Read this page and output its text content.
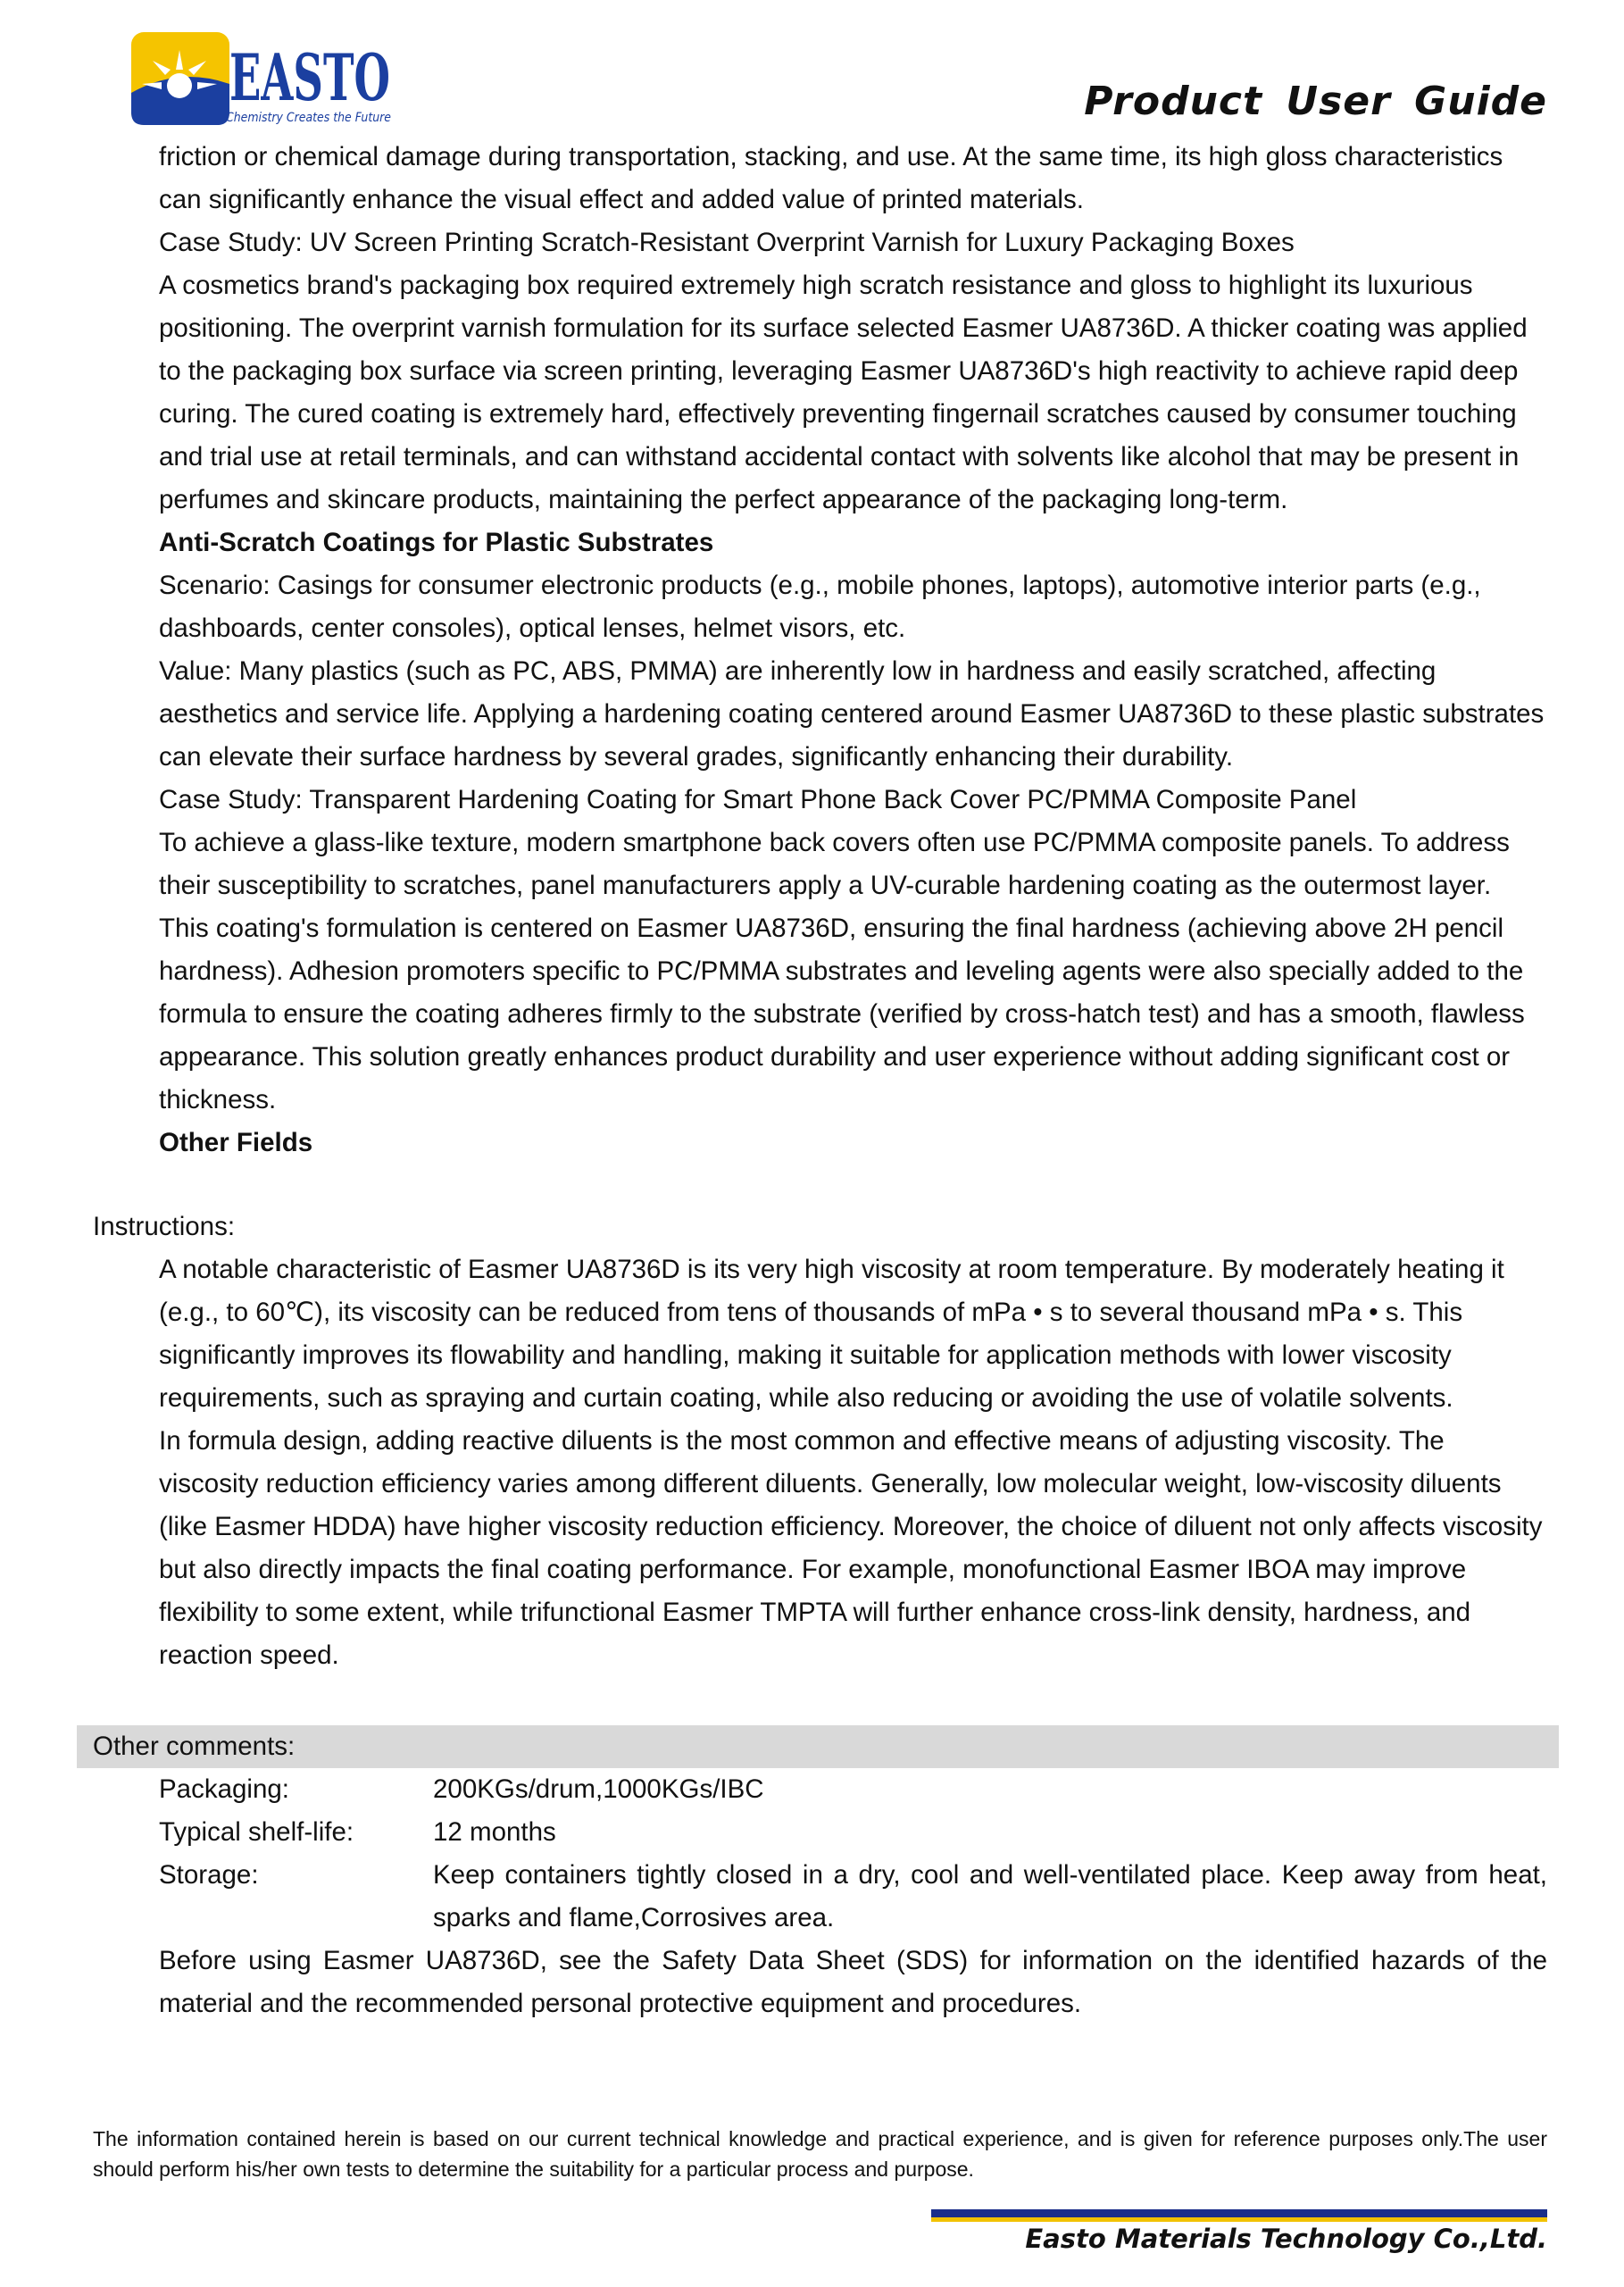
EASTO
Chemistry Creates the Future	Product User Guide

friction or chemical damage during transportation, stacking, and use. At the same time, its high gloss characteristics can significantly enhance the visual effect and added value of printed materials.

Case Study: UV Screen Printing Scratch-Resistant Overprint Varnish for Luxury Packaging Boxes

A cosmetics brand's packaging box required extremely high scratch resistance and gloss to highlight its luxurious positioning. The overprint varnish formulation for its surface selected Easmer UA8736D. A thicker coating was applied to the packaging box surface via screen printing, leveraging Easmer UA8736D's high reactivity to achieve rapid deep curing. The cured coating is extremely hard, effectively preventing fingernail scratches caused by consumer touching and trial use at retail terminals, and can withstand accidental contact with solvents like alcohol that may be present in perfumes and skincare products, maintaining the perfect appearance of the packaging long-term.

Anti-Scratch Coatings for Plastic Substrates

Scenario: Casings for consumer electronic products (e.g., mobile phones, laptops), automotive interior parts (e.g., dashboards, center consoles), optical lenses, helmet visors, etc.

Value: Many plastics (such as PC, ABS, PMMA) are inherently low in hardness and easily scratched, affecting aesthetics and service life. Applying a hardening coating centered around Easmer UA8736D to these plastic substrates can elevate their surface hardness by several grades, significantly enhancing their durability.

Case Study: Transparent Hardening Coating for Smart Phone Back Cover PC/PMMA Composite Panel

To achieve a glass-like texture, modern smartphone back covers often use PC/PMMA composite panels. To address their susceptibility to scratches, panel manufacturers apply a UV-curable hardening coating as the outermost layer. This coating's formulation is centered on Easmer UA8736D, ensuring the final hardness (achieving above 2H pencil hardness). Adhesion promoters specific to PC/PMMA substrates and leveling agents were also specially added to the formula to ensure the coating adheres firmly to the substrate (verified by cross-hatch test) and has a smooth, flawless appearance. This solution greatly enhances product durability and user experience without adding significant cost or thickness.

Other Fields

Instructions:

A notable characteristic of Easmer UA8736D is its very high viscosity at room temperature. By moderately heating it (e.g., to 60℃), its viscosity can be reduced from tens of thousands of mPa • s to several thousand mPa • s. This significantly improves its flowability and handling, making it suitable for application methods with lower viscosity requirements, such as spraying and curtain coating, while also reducing or avoiding the use of volatile solvents.

In formula design, adding reactive diluents is the most common and effective means of adjusting viscosity. The viscosity reduction efficiency varies among different diluents. Generally, low molecular weight, low-viscosity diluents (like Easmer HDDA) have higher viscosity reduction efficiency. Moreover, the choice of diluent not only affects viscosity but also directly impacts the final coating performance. For example, monofunctional Easmer IBOA may improve flexibility to some extent, while trifunctional Easmer TMPTA will further enhance cross-link density, hardness, and reaction speed.

Other comments:
Packaging:	200KGs/drum,1000KGs/IBC
Typical shelf-life:	12 months
Storage:	Keep containers tightly closed in a dry, cool and well-ventilated place. Keep away from heat, sparks and flame,Corrosives area.
Before using Easmer UA8736D, see the Safety Data Sheet (SDS) for information on the identified hazards of the material and the recommended personal protective equipment and procedures.
The information contained herein is based on our current technical knowledge and practical experience, and is given for reference purposes only.The user should perform his/her own tests to determine the suitability for a particular process and purpose.
Easto Materials Technology Co.,Ltd.
